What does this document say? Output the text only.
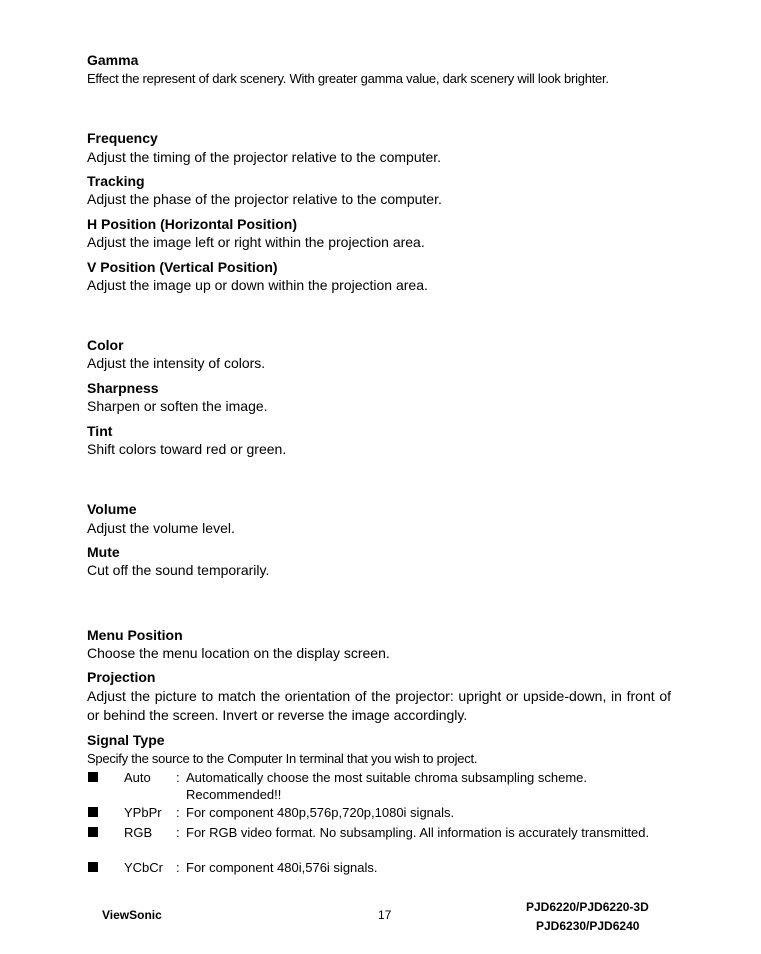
Gamma
Effect the represent of dark scenery. With greater gamma value, dark scenery will look brighter.
Frequency
Adjust the timing of the projector relative to the computer.
Tracking
Adjust the phase of the projector relative to the computer.
H Position (Horizontal Position)
Adjust the image left or right within the projection area.
V Position (Vertical Position)
Adjust the image up or down within the projection area.
Color
Adjust the intensity of colors.
Sharpness
Sharpen or soften the image.
Tint
Shift colors toward red or green.
Volume
Adjust the volume level.
Mute
Cut off the sound temporarily.
Menu Position
Choose the menu location on the display screen.
Projection
Adjust the picture to match the orientation of the projector: upright or upside-down, in front of or behind the screen. Invert or reverse the image accordingly.
Signal Type
Specify the source to the Computer In terminal that you wish to project.
Auto : Automatically choose the most suitable chroma subsampling scheme. Recommended!!
YPbPr : For component 480p,576p,720p,1080i signals.
RGB : For RGB video format. No subsampling. All information is accurately transmitted.
YCbCr : For component 480i,576i signals.
ViewSonic	17
PJD6220/PJD6220-3D
PJD6230/PJD6240
